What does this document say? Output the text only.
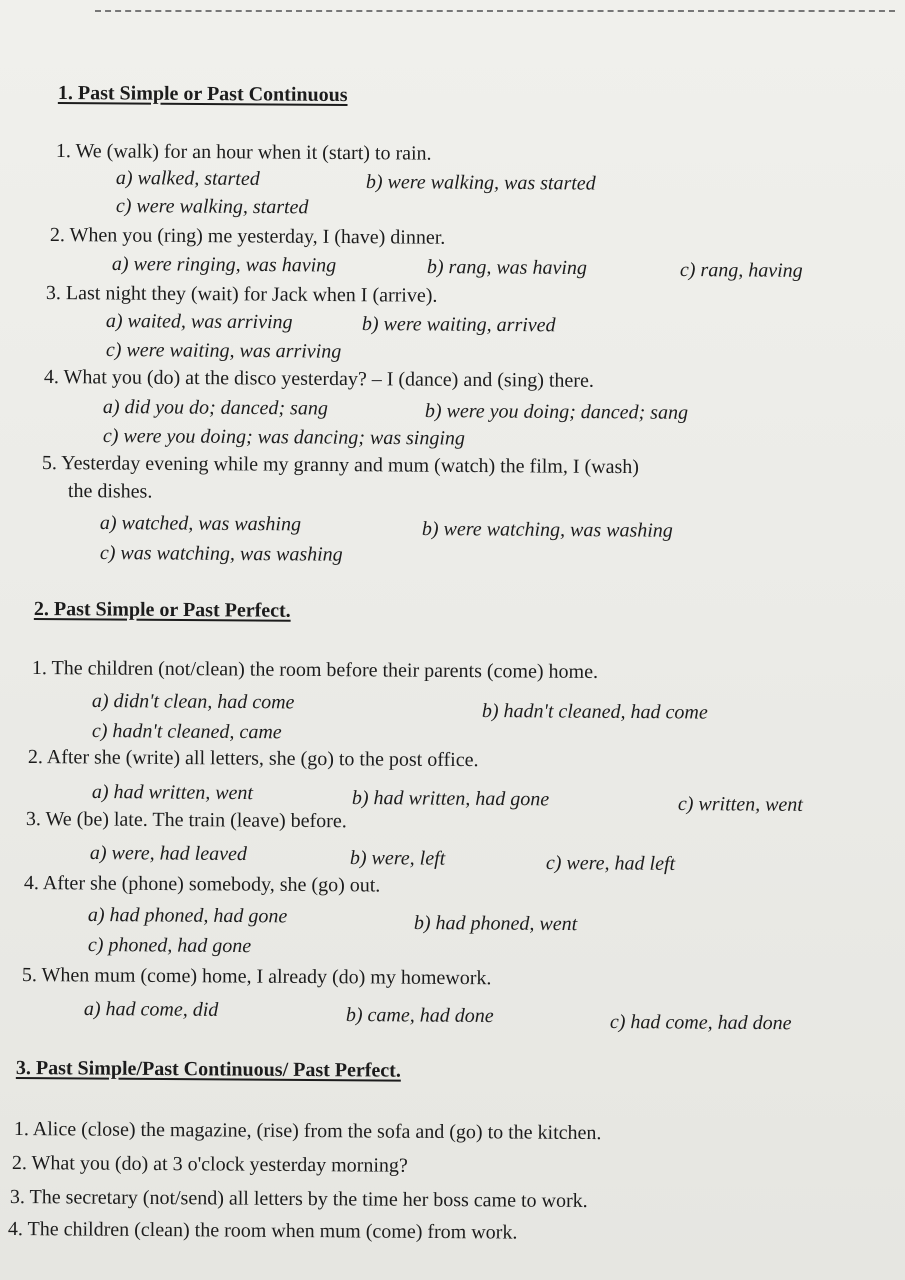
1. Past Simple or Past Continuous
1. We (walk) for an hour when it (start) to rain.
a) walked, started	b) were walking, was started
c) were walking, started
2. When you (ring) me yesterday, I (have) dinner.
a) were ringing, was having	b) rang, was having	c) rang, having
3. Last night they (wait) for Jack when I (arrive).
a) waited, was arriving	b) were waiting, arrived
c) were waiting, was arriving
4. What you (do) at the disco yesterday? – I (dance) and (sing) there.
a) did you do; danced; sang	b) were you doing; danced; sang
c) were you doing; was dancing; was singing
5. Yesterday evening while my granny and mum (watch) the film, I (wash)
the dishes.
a) watched, was washing	b) were watching, was washing
c) was watching, was washing
2. Past Simple or Past Perfect.
1. The children (not/clean) the room before their parents (come) home.
a) didn't clean, had come	b) hadn't cleaned, had come
c) hadn't cleaned, came
2. After she (write) all letters, she (go) to the post office.
a) had written, went	b) had written, had gone	c) written, went
3. We (be) late. The train (leave) before.
a) were, had leaved	b) were, left	c) were, had left
4. After she (phone) somebody, she (go) out.
a) had phoned, had gone	b) had phoned, went
c) phoned, had gone
5. When mum (come) home, I already (do) my homework.
a) had come, did	b) came, had done	c) had come, had done
3. Past Simple/Past Continuous/ Past Perfect.
1. Alice (close) the magazine, (rise) from the sofa and (go) to the kitchen.
2. What you (do) at 3 o'clock yesterday morning?
3. The secretary (not/send) all letters by the time her boss came to work.
4. The children (clean) the room when mum (come) from work.
